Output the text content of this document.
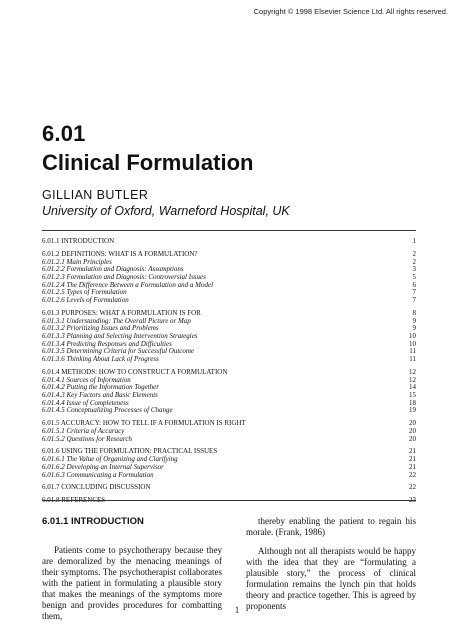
Copyright © 1998 Elsevier Science Ltd. All rights reserved.
6.01
Clinical Formulation
GILLIAN BUTLER
University of Oxford, Warneford Hospital, UK
6.01.1 INTRODUCTION	1
6.01.2 DEFINITIONS: WHAT IS A FORMULATION?	2
6.01.2.1 Main Principles	2
6.01.2.2 Formulation and Diagnosis: Assumptions	3
6.01.2.3 Formulation and Diagnosis: Controversial Issues	5
6.01.2.4 The Difference Between a Formulation and a Model	6
6.01.2.5 Types of Formulation	7
6.01.2.6 Levels of Formulation	7
6.01.3 PURPOSES: WHAT A FORMULATION IS FOR	8
6.01.3.1 Understanding: The Overall Picture or Map	9
6.01.3.2 Prioritizing Issues and Problems	9
6.01.3.3 Planning and Selecting Intervention Strategies	10
6.01.3.4 Predicting Responses and Difficulties	10
6.01.3.5 Determining Criteria for Successful Outcome	11
6.01.3.6 Thinking About Lack of Progress	11
6.01.4 METHODS: HOW TO CONSTRUCT A FORMULATION	12
6.01.4.1 Sources of Information	12
6.01.4.2 Putting the Information Together	14
6.01.4.3 Key Factors and Basic Elements	15
6.01.4.4 Issue of Completeness	18
6.01.4.5 Conceptualizing Processes of Change	19
6.01.5 ACCURACY: HOW TO TELL IF A FORMULATION IS RIGHT	20
6.01.5.1 Criteria of Accuracy	20
6.01.5.2 Questions for Research	20
6.01.6 USING THE FORMULATION: PRACTICAL ISSUES	21
6.01.6.1 The Value of Organizing and Clarifying	21
6.01.6.2 Developing an Internal Supervisor	21
6.01.6.3 Communicating a Formulation	22
6.01.7 CONCLUDING DISCUSSION	22
6.01.8 REFERENCES	23
6.01.1 INTRODUCTION

Patients come to psychotherapy because they are demoralized by the menacing meanings of their symptoms. The psychotherapist collaborates with the patient in formulating a plausible story that makes the meanings of the symptoms more benign and provides procedures for combatting them,

thereby enabling the patient to regain his morale. (Frank, 1986)

Although not all therapists would be happy with the idea that they are “formulating a plausible story,” the process of clinical formulation remains the lynch pin that holds theory and practice together. This is agreed by proponents

1
